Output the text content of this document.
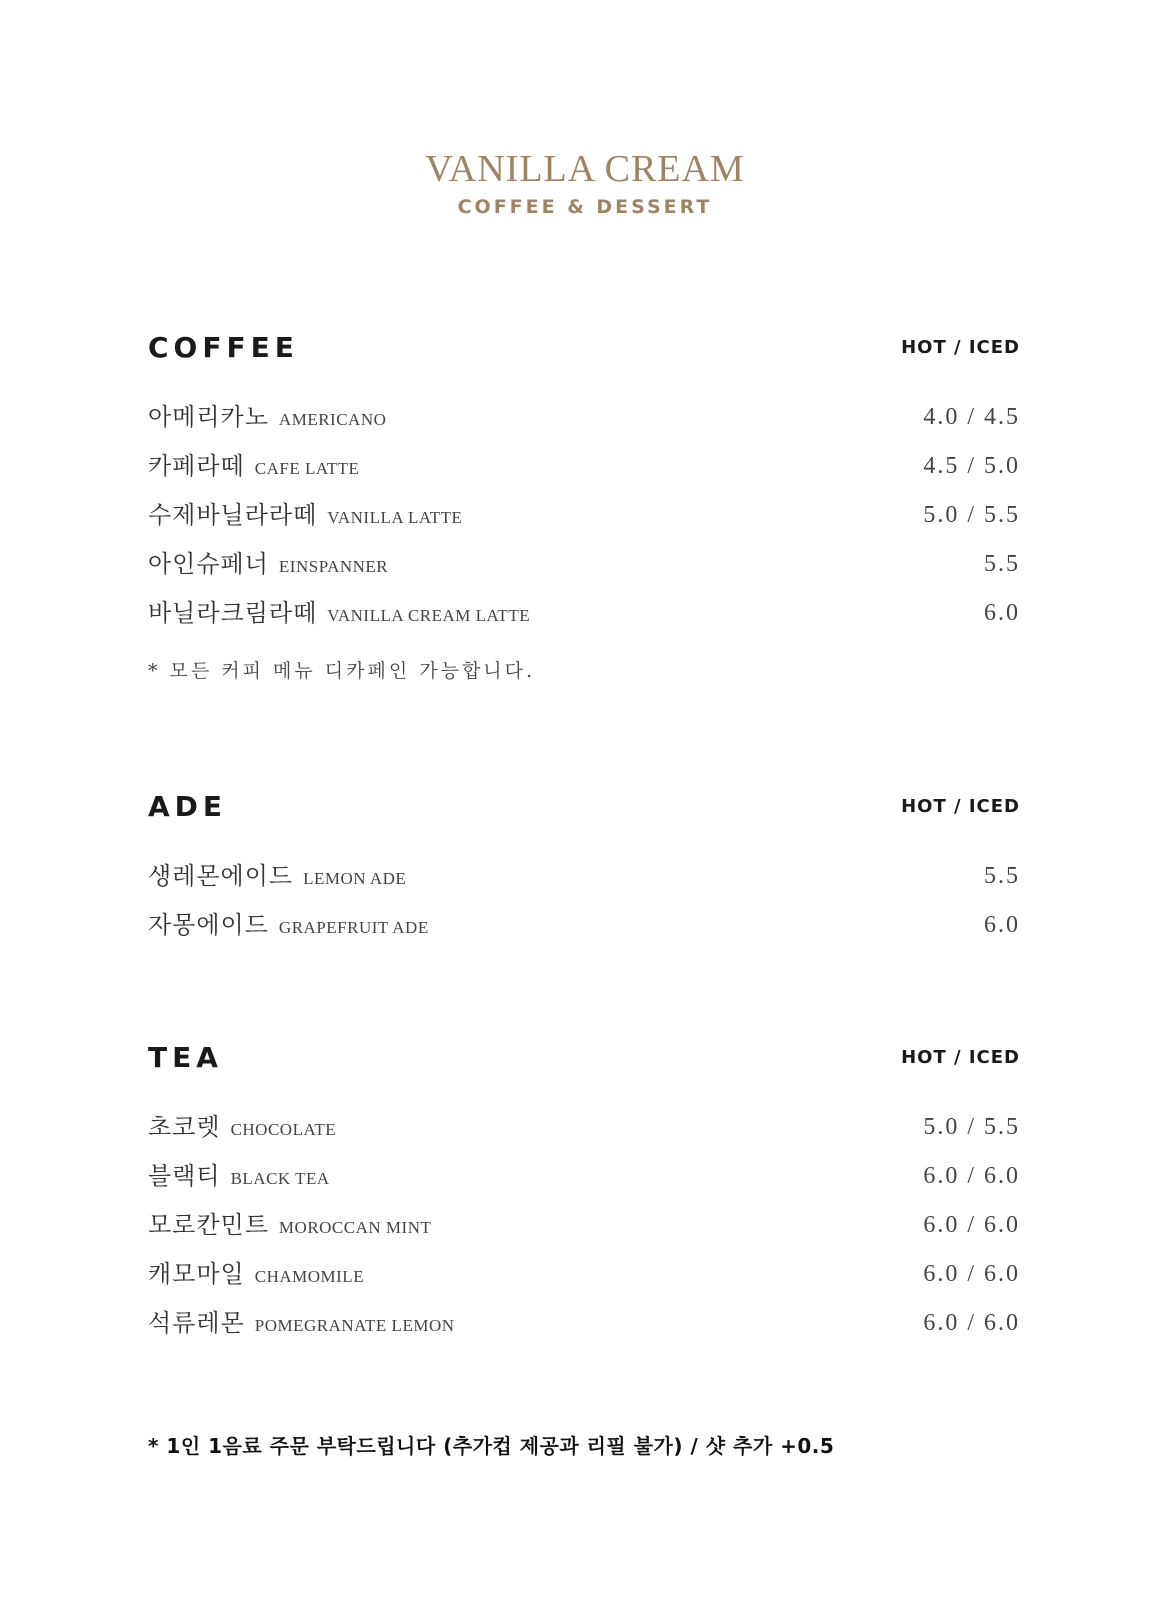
VANILLA CREAM
COFFEE & DESSERT
COFFEE	HOT / ICED
아메리카노 AMERICANO	4.0 / 4.5
카페라떼 CAFE LATTE	4.5 / 5.0
수제바닐라라떼 VANILLA LATTE	5.0 / 5.5
아인슈페너 EINSPANNER	5.5
바닐라크림라떼 VANILLA CREAM LATTE	6.0
* 모든 커피 메뉴 디카페인 가능합니다.
ADE	HOT / ICED
생레몬에이드 LEMON ADE	5.5
자몽에이드 GRAPEFRUIT ADE	6.0
TEA	HOT / ICED
초코렛 CHOCOLATE	5.0 / 5.5
블랙티 BLACK TEA	6.0 / 6.0
모로칸민트 MOROCCAN MINT	6.0 / 6.0
캐모마일 CHAMOMILE	6.0 / 6.0
석류레몬 POMEGRANATE LEMON	6.0 / 6.0
* 1인 1음료 주문 부탁드립니다 (추가컵 제공과 리필 불가) / 샷 추가 +0.5
